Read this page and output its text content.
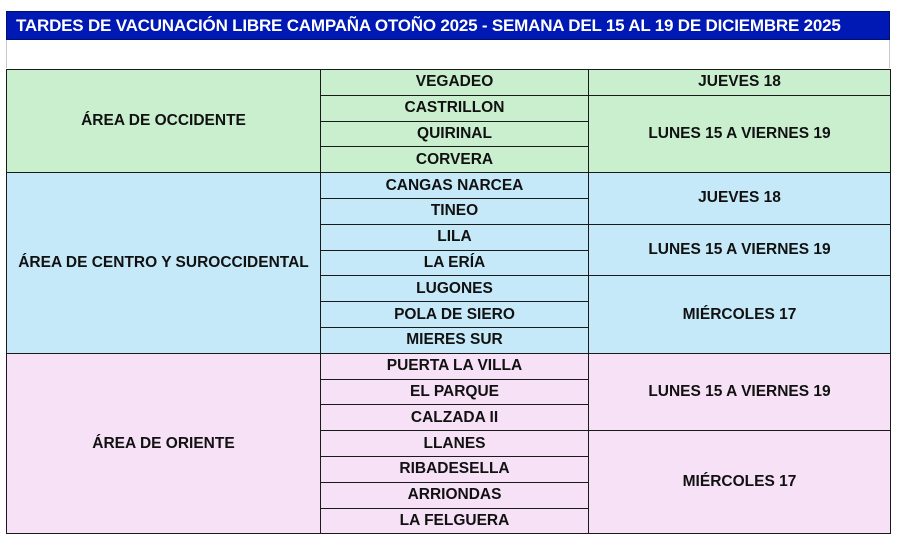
TARDES DE VACUNACIÓN LIBRE CAMPAÑA OTOÑO 2025 - SEMANA DEL 15 AL 19 DE DICIEMBRE 2025
ÁREA DE OCCIDENTE	VEGADEO	JUEVES 18
	CASTRILLON	LUNES 15 A VIERNES 19
	QUIRINAL	
	CORVERA	
ÁREA DE CENTRO Y SUROCCIDENTAL	CANGAS NARCEA	JUEVES 18
	TINEO	
	LILA	LUNES 15 A VIERNES 19
	LA ERÍA	
	LUGONES	MIÉRCOLES 17
	POLA DE SIERO	
	MIERES SUR	
ÁREA DE ORIENTE	PUERTA LA VILLA	LUNES 15 A VIERNES 19
	EL PARQUE	
	CALZADA II	
	LLANES	MIÉRCOLES 17
	RIBADESELLA	
	ARRIONDAS	
	LA FELGUERA	
